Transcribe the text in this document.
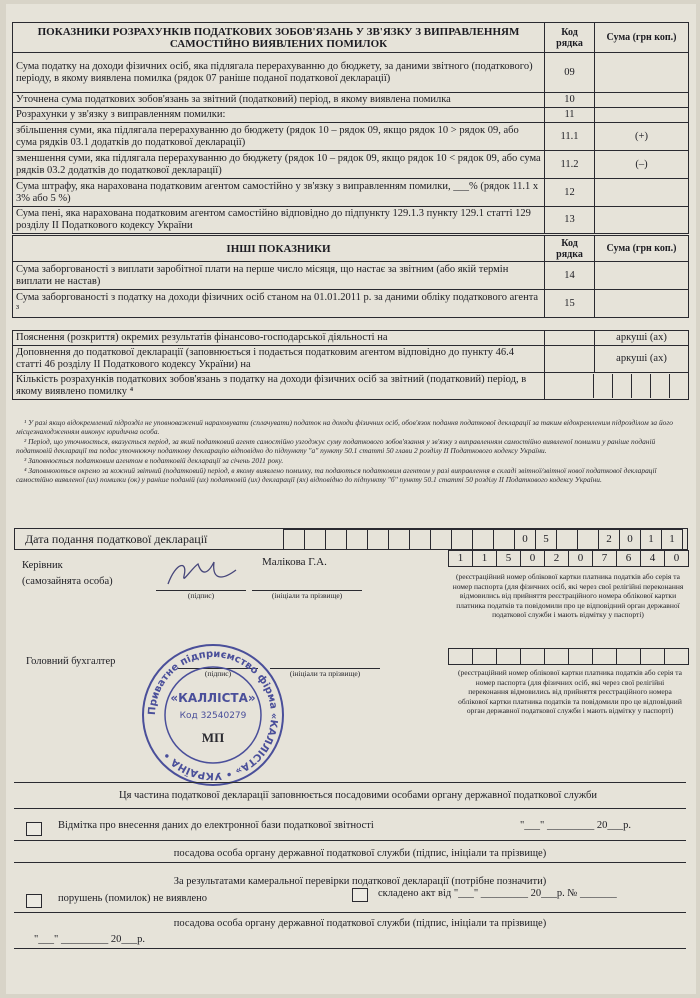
ПОКАЗНИКИ РОЗРАХУНКІВ ПОДАТКОВИХ ЗОБОВ'ЯЗАНЬ У ЗВ'ЯЗКУ З ВИПРАВЛЕННЯМ САМОСТІЙНО ВИЯВЛЕНИХ ПОМИЛОК	Код рядка	Сума (грн коп.)
Сума податку на доходи фізичних осіб, яка підлягала перерахуванню до бюджету, за даними звітного (податкового) періоду, в якому виявлена помилка (рядок 07 раніше поданої податкової декларації)	09	
Уточнена сума податкових зобов'язань за звітний (податковий) період, в якому виявлена помилка	10	
Розрахунки у зв'язку з виправленням помилки:	11	
збільшення суми, яка підлягала перерахуванню до бюджету (рядок 10 – рядок 09, якщо рядок 10 > рядок 09, або сума рядків 03.1 додатків до податкової декларації)	11.1	(+)
зменшення суми, яка підлягала перерахуванню до бюджету (рядок 10 – рядок 09, якщо рядок 10 < рядок 09, або сума рядків 03.2 додатків до податкової декларації)	11.2	(–)
Сума штрафу, яка нарахована податковим агентом самостійно у зв'язку з виправленням помилки, ___% (рядок 11.1 х 3% або 5 %)	12	
Сума пені, яка нарахована податковим агентом самостійно відповідно до підпункту 129.1.3 пункту 129.1 статті 129 розділу II Податкового кодексу України	13	
ІНШІ ПОКАЗНИКИ	Код рядка	Сума (грн коп.)
Сума заборгованості з виплати заробітної плати на перше число місяця, що настає за звітним (або якій термін виплати не настав)	14	
Сума заборгованості з податку на доходи фізичних осіб станом на 01.01.2011 р. за даними обліку податкового агента ³	15	
Пояснення (розкриття) окремих результатів фінансово-господарської діяльності на		аркуші (ах)
Доповнення до податкової декларації (заповнюється і подається податковим агентом відповідно до пункту 46.4 статті 46 розділу II Податкового кодексу України) на		аркуші (ах)
Кількість розрахунків податкових зобов'язань з податку на доходи фізичних осіб за звітний (податковий) період, в якому виявлено помилку ⁴		

¹ У разі якщо відокремлений підрозділ не уповноважений нараховувати (сплачувати) податок на доходи фізичних осіб, обов'язок подання податкової декларації за таким відокремленим підрозділом за його місцезнаходженням виконує юридична особа.

² Період, що уточнюється, вказується період, за який податковий агент самостійно узгоджує суму податкового зобов'язання у зв'язку з виправленням самостійно виявленої помилки у раніше поданій податковій декларації та подає уточнюючу податкову декларацію відповідно до підпункту "а" пункту 50.1 статті 50 глави 2 розділу II Податкового кодексу України.

³ Заповнюється податковим агентом в податковій декларації за січень 2011 року.

⁴ Заповнюються окремо за кожний звітний (податковий) період, в якому виявлено помилку, та подаються податковим агентом у разі виправлення в складі звітної/звітної нової податкової декларації самостійно виявленої (их) помилки (ок) у раніше поданій (их) податковій (их) декларації (ях) відповідно до підпункту "б" пункту 50.1 статті 50 розділу II Податкового кодексу України.

Дата подання податкової декларації	0	5	2	0	1	1
Керівник
(самозайнята особа)
Малікова Г.А.
(підпис)	(ініціали та прізвище)
1	1	5	0	2	0	7	6	4	0
(реєстраційний номер облікової картки платника податків або серія та номер паспорта (для фізичних осіб, які через свої релігійні переконання відмовились від прийняття реєстраційного номера облікової картки платника податків та повідомили про це відповідний орган державної податкової служби і мають відмітку у паспорті)
Головний бухгалтер
(підпис)	(ініціали та прізвище)	(реєстраційний номер облікової картки платника податків або серія та номер паспорта (для фізичних осіб, які через свої релігійні переконання відмовились від прийняття реєстраційного номера облікової картки платника податків та повідомили про це відповідний орган державної податкової служби і мають відмітку у паспорті)
Приватне підприємство фірма «КАЛЛІСТА» • УКРАЇНА •
«КАЛЛІСТА»
Код 32540279
МП
Ця частина податкової декларації заповнюється посадовими особами органу державної податкової служби
Відмітка про внесення даних до електронної бази податкової звітності	"___" _________ 20___р.
посадова особа органу державної податкової служби (підпис, ініціали та прізвище)
За результатами камеральної перевірки податкової декларації (потрібне позначити)
порушень (помилок) не виявлено	складено акт від "___" _________ 20___р. № _______
посадова особа органу державної податкової служби (підпис, ініціали та прізвище)
"___" _________ 20___р.
